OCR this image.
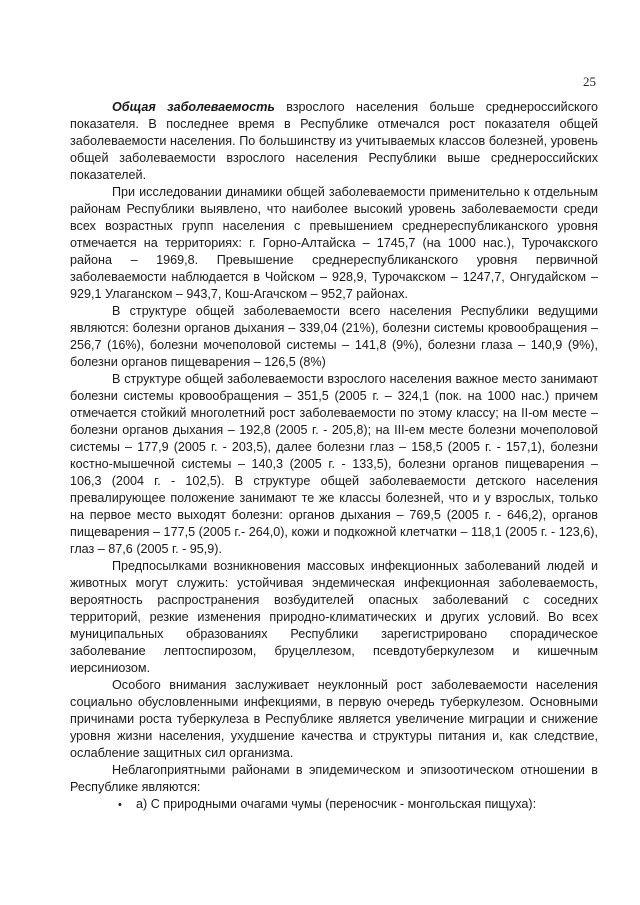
25

Общая заболеваемость взрослого населения больше среднероссийского показателя. В последнее время в Республике отмечался рост показателя общей заболеваемости населения. По большинству из учитываемых классов болезней, уровень общей заболеваемости взрослого населения Республики выше среднероссийских показателей.

При исследовании динамики общей заболеваемости применительно к отдельным районам Республики выявлено, что наиболее высокий уровень заболеваемости среди всех возрастных групп населения с превышением среднереспубликанского уровня отмечается на территориях: г. Горно-Алтайска – 1745,7 (на 1000 нас.), Турочакского района – 1969,8. Превышение среднереспубликанского уровня первичной заболеваемости наблюдается в Чойском – 928,9, Турочакском – 1247,7, Онгудайском – 929,1 Улаганском – 943,7, Кош-Агачском – 952,7 районах.

В структуре общей заболеваемости всего населения Республики ведущими являются: болезни органов дыхания – 339,04 (21%), болезни системы кровообращения – 256,7 (16%), болезни мочеполовой системы – 141,8 (9%), болезни глаза – 140,9 (9%), болезни органов пищеварения – 126,5 (8%)

В структуре общей заболеваемости взрослого населения важное место занимают болезни системы кровообращения – 351,5 (2005 г. – 324,1 (пок. на 1000 нас.) причем отмечается стойкий многолетний рост заболеваемости по этому классу; на II-ом месте – болезни органов дыхания – 192,8 (2005 г. - 205,8); на III-ем месте болезни мочеполовой системы – 177,9 (2005 г. - 203,5), далее болезни глаз – 158,5 (2005 г. - 157,1), болезни костно-мышечной системы – 140,3 (2005 г. - 133,5), болезни органов пищеварения – 106,3 (2004 г. - 102,5). В структуре общей заболеваемости детского населения превалирующее положение занимают те же классы болезней, что и у взрослых, только на первое место выходят болезни: органов дыхания – 769,5 (2005 г. - 646,2), органов пищеварения – 177,5 (2005 г.- 264,0), кожи и подкожной клетчатки – 118,1 (2005 г. - 123,6), глаз – 87,6 (2005 г. - 95,9).

Предпосылками возникновения массовых инфекционных заболеваний людей и животных могут служить: устойчивая эндемическая инфекционная заболеваемость, вероятность распространения возбудителей опасных заболеваний с соседних территорий, резкие изменения природно-климатических и других условий. Во всех муниципальных образованиях Республики зарегистрировано спорадическое заболевание лептоспирозом, бруцеллезом, псевдотуберкулезом и кишечным иерсиниозом.

Особого внимания заслуживает неуклонный рост заболеваемости населения социально обусловленными инфекциями, в первую очередь туберкулезом. Основными причинами роста туберкулеза в Республике является увеличение миграции и снижение уровня жизни населения, ухудшение качества и структуры питания и, как следствие, ослабление защитных сил организма.

Неблагоприятными районами в эпидемическом и эпизоотическом отношении в Республике являются:

•	а) С природными очагами чумы (переносчик - монгольская пищуха):
